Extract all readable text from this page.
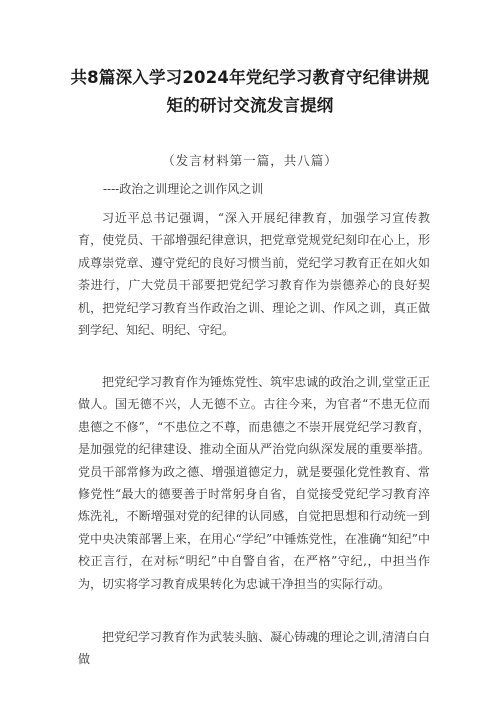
共8篇深入学习2024年党纪学习教育守纪律讲规
矩的研讨交流发言提纲
（发言材料第一篇，共八篇）
----政治之训理论之训作风之训

习近平总书记强调，“深入开展纪律教育，加强学习宣传教育，使党员、干部增强纪律意识，把党章党规党纪刻印在心上，形成尊崇党章、遵守党纪的良好习惯当前，党纪学习教育正在如火如荼进行，广大党员干部要把党纪学习教育作为崇德养心的良好契机，把党纪学习教育当作政治之训、理论之训、作风之训，真正做到学纪、知纪、明纪、守纪。

把党纪学习教育作为锤炼党性、筑牢忠诚的政治之训,堂堂正正做人。国无德不兴，人无德不立。古往今来，为官者“不患无位而患德之不修”，“不患位之不尊，而患德之不崇开展党纪学习教育，是加强党的纪律建设、推动全面从严治党向纵深发展的重要举措。党员干部常修为政之德、增强道德定力，就是要强化党性教育、常修党性“最大的德要善于时常躬身自省，自觉接受党纪学习教育淬炼洗礼，不断增强对党的纪律的认同感，自觉把思想和行动统一到党中央决策部署上来，在用心“学纪”中锤炼党性，在准确“知纪”中校正言行，在对标“明纪”中自警自省，在严格”守纪,，中担当作为，切实将学习教育成果转化为忠诚干净担当的实际行动。

把党纪学习教育作为武装头脑、凝心铸魂的理论之训,清清白白做
